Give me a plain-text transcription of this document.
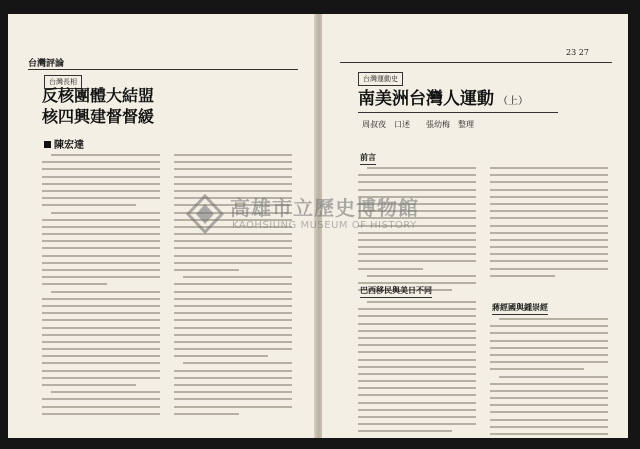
台灣評論
台灣長相
反核團體大結盟
核四興建督督緩
陳宏達
23 27
台灣運動史
南美洲台灣人運動 （上）
周叔夜　口述　　張幼梅　整理
前言
巴西移民與美日不同
蔣經國與鍾崇經
高雄市立歷史博物館
KAOHSIUNG MUSEUM OF HISTORY
